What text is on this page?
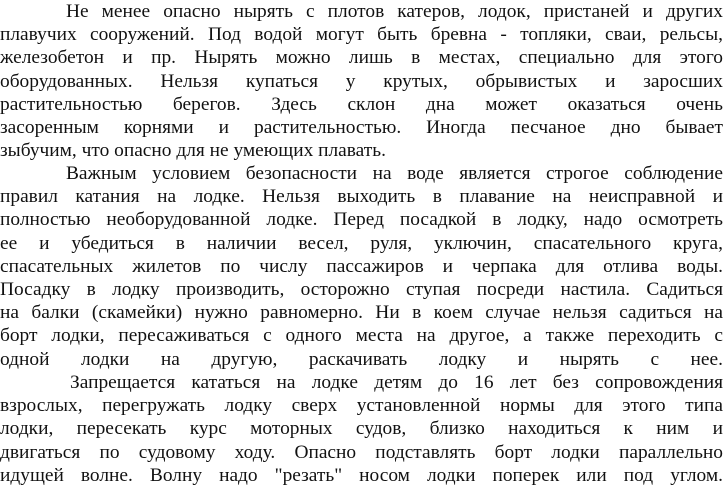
Не менее опасно нырять с плотов катеров, лодок, пристаней и других
плавучих сооружений. Под водой могут быть бревна - топляки, сваи, рельсы,
железобетон и пр. Нырять можно лишь в местах, специально для этого
оборудованных. Нельзя купаться у крутых, обрывистых и заросших
растительностью берегов. Здесь склон дна может оказаться очень
засоренным корнями и растительностью. Иногда песчаное дно бывает
зыбучим, что опасно для не умеющих плавать.
Важным условием безопасности на воде является строгое соблюдение
правил катания на лодке. Нельзя выходить в плавание на неисправной и
полностью необорудованной лодке. Перед посадкой в лодку, надо осмотреть
ее и убедиться в наличии весел, руля, уключин, спасательного круга,
спасательных жилетов по числу пассажиров и черпака для отлива воды.
Посадку в лодку производить, осторожно ступая посреди настила. Садиться
на балки (скамейки) нужно равномерно. Ни в коем случае нельзя садиться на
борт лодки, пересаживаться с одного места на другое, а также переходить с
одной лодки на другую, раскачивать лодку и нырять с нее.
Запрещается кататься на лодке детям до 16 лет без сопровождения
взрослых, перегружать лодку сверх установленной нормы для этого типа
лодки, пересекать курс моторных судов, близко находиться к ним и
двигаться по судовому ходу. Опасно подставлять борт лодки параллельно
идущей волне. Волну надо "резать" носом лодки поперек или под углом.
